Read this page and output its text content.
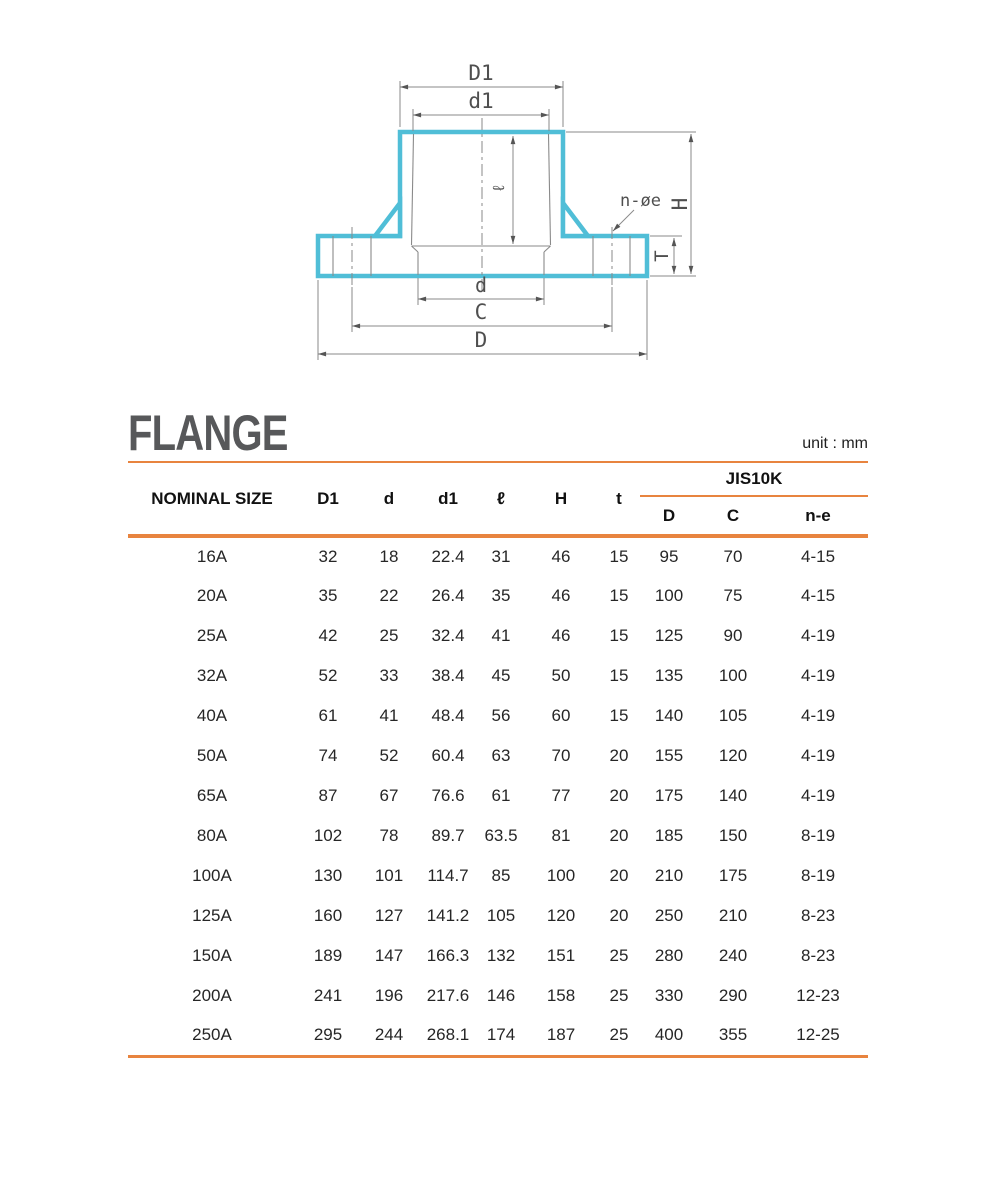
D1
d1
ℓ
n-øe H
T
d
C
D
FLANGE	unit : mm
NOMINAL SIZE	D1	d	d1	ℓ	H	t	JIS10K		
							D	C	n-e
16A	32	18	22.4	31	46	15	95	70	4-15
20A	35	22	26.4	35	46	15	100	75	4-15
25A	42	25	32.4	41	46	15	125	90	4-19
32A	52	33	38.4	45	50	15	135	100	4-19
40A	61	41	48.4	56	60	15	140	105	4-19
50A	74	52	60.4	63	70	20	155	120	4-19
65A	87	67	76.6	61	77	20	175	140	4-19
80A	102	78	89.7	63.5	81	20	185	150	8-19
100A	130	101	114.7	85	100	20	210	175	8-19
125A	160	127	141.2	105	120	20	250	210	8-23
150A	189	147	166.3	132	151	25	280	240	8-23
200A	241	196	217.6	146	158	25	330	290	12-23
250A	295	244	268.1	174	187	25	400	355	12-25
